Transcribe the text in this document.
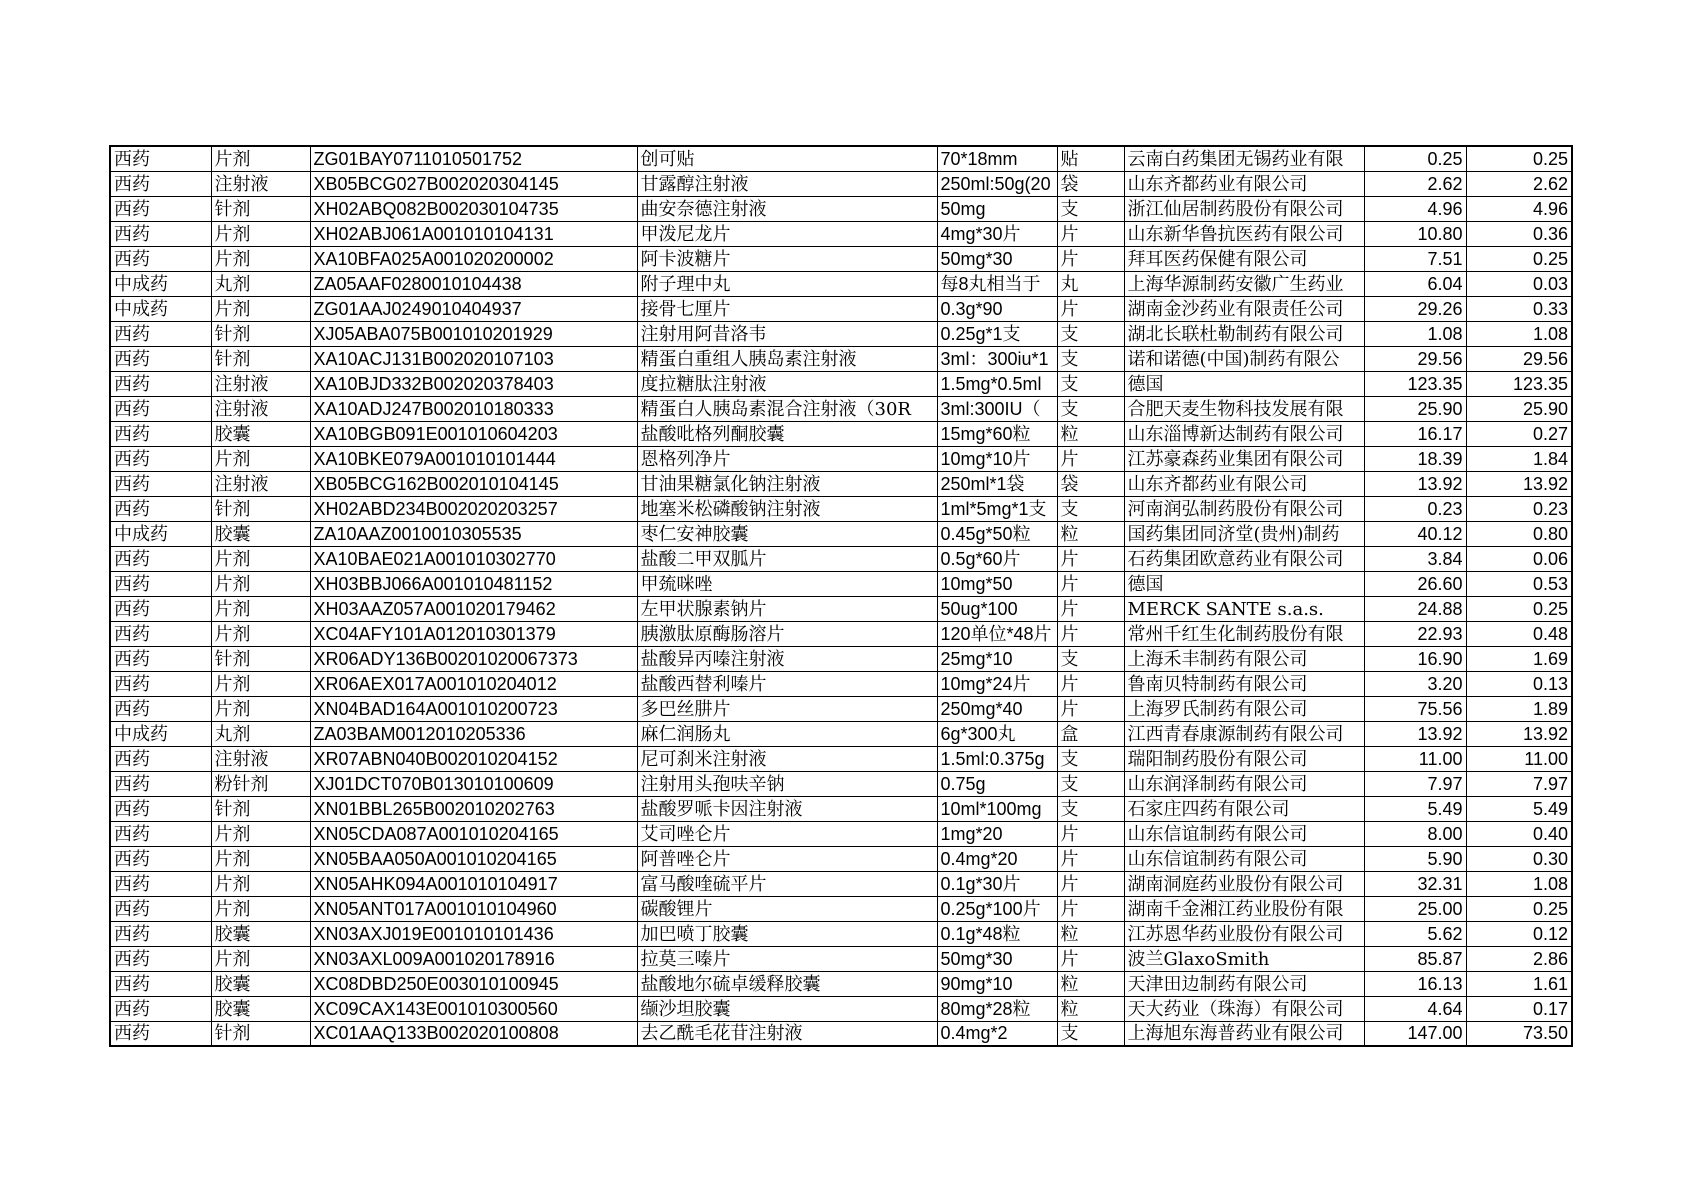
西药	片剂	ZG01BAY0711010501752	创可贴	70*18mm	贴	云南白药集团无锡药业有限	0.25	0.25
西药	注射液	XB05BCG027B002020304145	甘露醇注射液	250ml:50g(20	袋	山东齐都药业有限公司	2.62	2.62
西药	针剂	XH02ABQ082B002030104735	曲安奈德注射液	50mg	支	浙江仙居制药股份有限公司	4.96	4.96
西药	片剂	XH02ABJ061A001010104131	甲泼尼龙片	4mg*30片	片	山东新华鲁抗医药有限公司	10.80	0.36
西药	片剂	XA10BFA025A001020200002	阿卡波糖片	50mg*30	片	拜耳医药保健有限公司	7.51	0.25
中成药	丸剂	ZA05AAF0280010104438	附子理中丸	每8丸相当于	丸	上海华源制药安徽广生药业	6.04	0.03
中成药	片剂	ZG01AAJ0249010404937	接骨七厘片	0.3g*90	片	湖南金沙药业有限责任公司	29.26	0.33
西药	针剂	XJ05ABA075B001010201929	注射用阿昔洛韦	0.25g*1支	支	湖北长联杜勒制药有限公司	1.08	1.08
西药	针剂	XA10ACJ131B002020107103	精蛋白重组人胰岛素注射液	3ml：300iu*1	支	诺和诺德(中国)制药有限公	29.56	29.56
西药	注射液	XA10BJD332B002020378403	度拉糖肽注射液	1.5mg*0.5ml	支	德国	123.35	123.35
西药	注射液	XA10ADJ247B002010180333	精蛋白人胰岛素混合注射液（30R	3ml:300IU（	支	合肥天麦生物科技发展有限	25.90	25.90
西药	胶囊	XA10BGB091E001010604203	盐酸吡格列酮胶囊	15mg*60粒	粒	山东淄博新达制药有限公司	16.17	0.27
西药	片剂	XA10BKE079A001010101444	恩格列净片	10mg*10片	片	江苏豪森药业集团有限公司	18.39	1.84
西药	注射液	XB05BCG162B002010104145	甘油果糖氯化钠注射液	250ml*1袋	袋	山东齐都药业有限公司	13.92	13.92
西药	针剂	XH02ABD234B002020203257	地塞米松磷酸钠注射液	1ml*5mg*1支	支	河南润弘制药股份有限公司	0.23	0.23
中成药	胶囊	ZA10AAZ0010010305535	枣仁安神胶囊	0.45g*50粒	粒	国药集团同济堂(贵州)制药	40.12	0.80
西药	片剂	XA10BAE021A001010302770	盐酸二甲双胍片	0.5g*60片	片	石药集团欧意药业有限公司	3.84	0.06
西药	片剂	XH03BBJ066A001010481152	甲巯咪唑	10mg*50	片	德国	26.60	0.53
西药	片剂	XH03AAZ057A001020179462	左甲状腺素钠片	50ug*100	片	MERCK SANTE s.a.s.	24.88	0.25
西药	片剂	XC04AFY101A012010301379	胰激肽原酶肠溶片	120单位*48片	片	常州千红生化制药股份有限	22.93	0.48
西药	针剂	XR06ADY136B00201020067373	盐酸异丙嗪注射液	25mg*10	支	上海禾丰制药有限公司	16.90	1.69
西药	片剂	XR06AEX017A001010204012	盐酸西替利嗪片	10mg*24片	片	鲁南贝特制药有限公司	3.20	0.13
西药	片剂	XN04BAD164A001010200723	多巴丝肼片	250mg*40	片	上海罗氏制药有限公司	75.56	1.89
中成药	丸剂	ZA03BAM0012010205336	麻仁润肠丸	6g*300丸	盒	江西青春康源制药有限公司	13.92	13.92
西药	注射液	XR07ABN040B002010204152	尼可刹米注射液	1.5ml:0.375g	支	瑞阳制药股份有限公司	11.00	11.00
西药	粉针剂	XJ01DCT070B013010100609	注射用头孢呋辛钠	0.75g	支	山东润泽制药有限公司	7.97	7.97
西药	针剂	XN01BBL265B002010202763	盐酸罗哌卡因注射液	10ml*100mg	支	石家庄四药有限公司	5.49	5.49
西药	片剂	XN05CDA087A001010204165	艾司唑仑片	1mg*20	片	山东信谊制药有限公司	8.00	0.40
西药	片剂	XN05BAA050A001010204165	阿普唑仑片	0.4mg*20	片	山东信谊制药有限公司	5.90	0.30
西药	片剂	XN05AHK094A001010104917	富马酸喹硫平片	0.1g*30片	片	湖南洞庭药业股份有限公司	32.31	1.08
西药	片剂	XN05ANT017A001010104960	碳酸锂片	0.25g*100片	片	湖南千金湘江药业股份有限	25.00	0.25
西药	胶囊	XN03AXJ019E001010101436	加巴喷丁胶囊	0.1g*48粒	粒	江苏恩华药业股份有限公司	5.62	0.12
西药	片剂	XN03AXL009A001020178916	拉莫三嗪片	50mg*30	片	波兰GlaxoSmith	85.87	2.86
西药	胶囊	XC08DBD250E003010100945	盐酸地尔硫卓缓释胶囊	90mg*10	粒	天津田边制药有限公司	16.13	1.61
西药	胶囊	XC09CAX143E001010300560	缬沙坦胶囊	80mg*28粒	粒	天大药业（珠海）有限公司	4.64	0.17
西药	针剂	XC01AAQ133B002020100808	去乙酰毛花苷注射液	0.4mg*2	支	上海旭东海普药业有限公司	147.00	73.50
